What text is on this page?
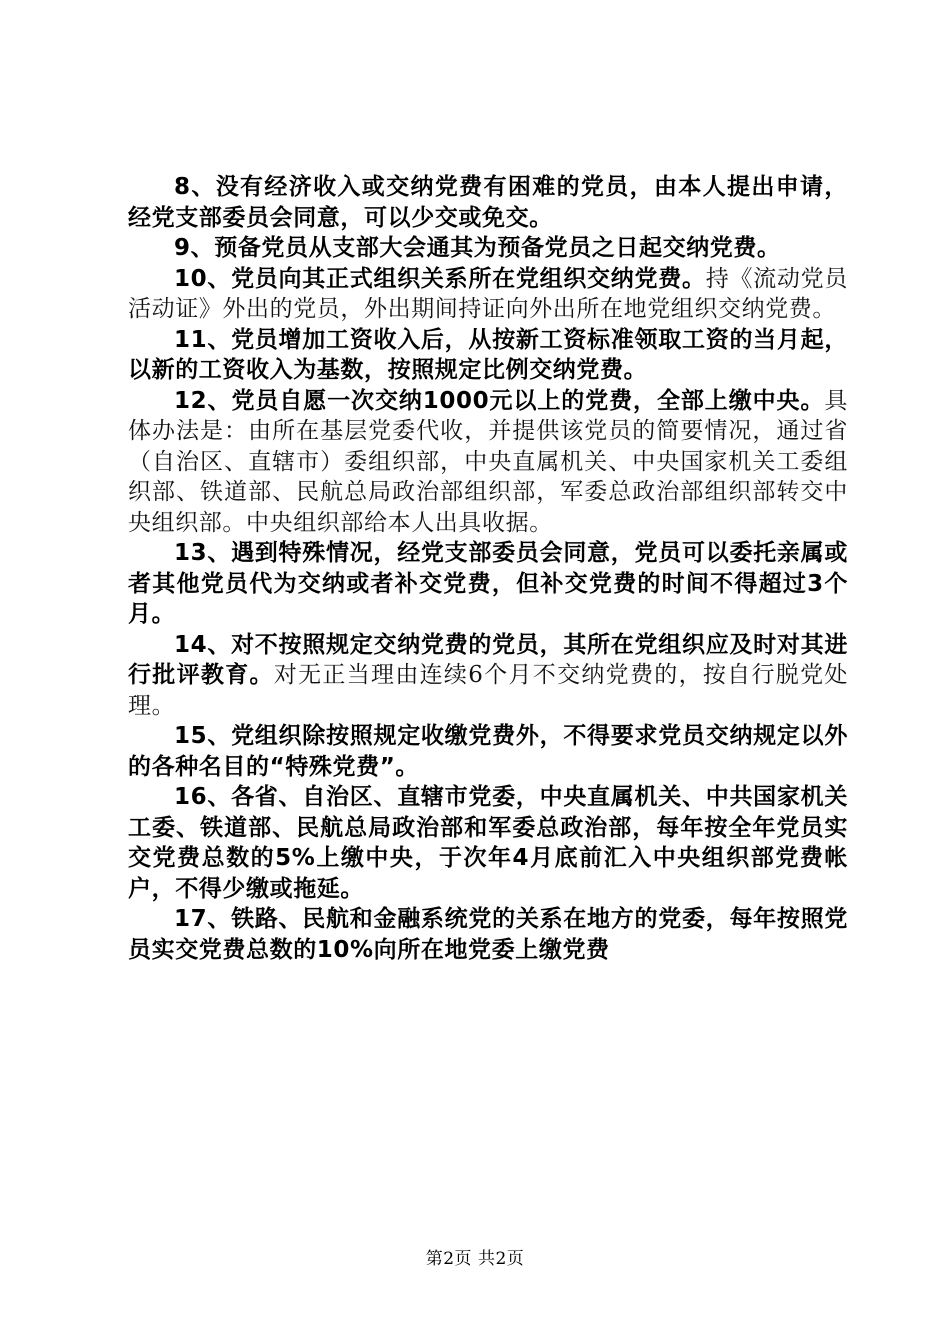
8、没有经济收入或交纳党费有困难的党员，由本人提出申请，经党支部委员会同意，可以少交或免交。

9、预备党员从支部大会通其为预备党员之日起交纳党费。

10、党员向其正式组织关系所在党组织交纳党费。持《流动党员活动证》外出的党员，外出期间持证向外出所在地党组织交纳党费。

11、党员增加工资收入后，从按新工资标准领取工资的当月起，以新的工资收入为基数，按照规定比例交纳党费。

12、党员自愿一次交纳1000元以上的党费，全部上缴中央。具体办法是：由所在基层党委代收，并提供该党员的简要情况，通过省（自治区、直辖市）委组织部，中央直属机关、中央国家机关工委组织部、铁道部、民航总局政治部组织部，军委总政治部组织部转交中央组织部。中央组织部给本人出具收据。

13、遇到特殊情况，经党支部委员会同意，党员可以委托亲属或者其他党员代为交纳或者补交党费，但补交党费的时间不得超过3个月。

14、对不按照规定交纳党费的党员，其所在党组织应及时对其进行批评教育。对无正当理由连续6个月不交纳党费的，按自行脱党处理。

15、党组织除按照规定收缴党费外，不得要求党员交纳规定以外的各种名目的“特殊党费”。

16、各省、自治区、直辖市党委，中央直属机关、中共国家机关工委、铁道部、民航总局政治部和军委总政治部，每年按全年党员实交党费总数的5%上缴中央，于次年4月底前汇入中央组织部党费帐户，不得少缴或拖延。

17、铁路、民航和金融系统党的关系在地方的党委，每年按照党员实交党费总数的10%向所在地党委上缴党费

第2页 共2页
